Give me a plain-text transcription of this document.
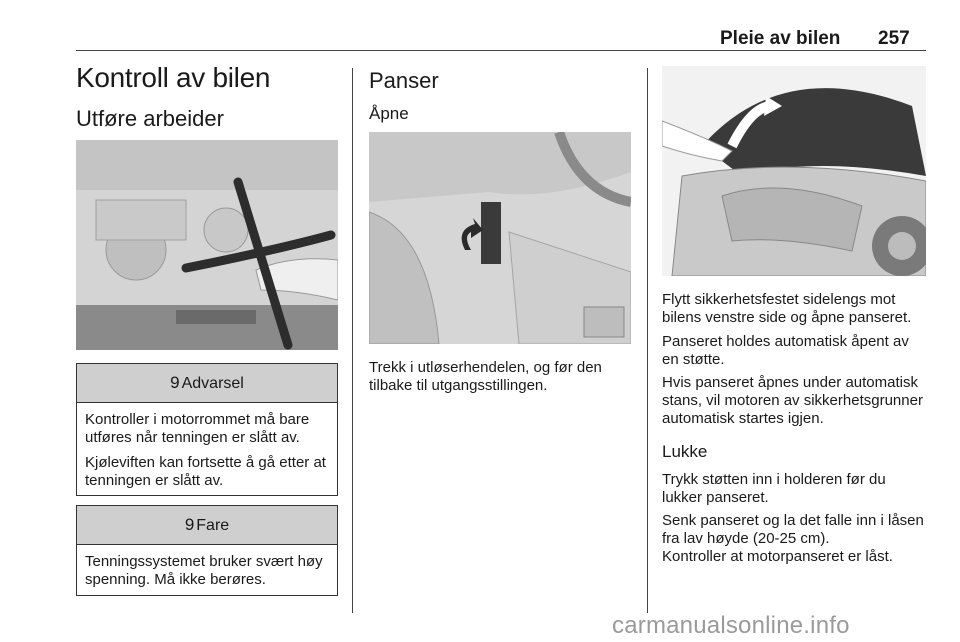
Pleie av bilen 257
Kontroll av bilen
Utføre arbeider
9 Advarsel

Kontroller i motorrommet må bare utføres når tenningen er slått av.

Kjøleviften kan fortsette å gå etter at tenningen er slått av.

9 Fare

Tenningssystemet bruker svært høy spenning. Må ikke berøres.

Panser
Åpne

Trekk i utløserhendelen, og før den tilbake til utgangsstillingen.

Flytt sikkerhetsfestet sidelengs mot bilens venstre side og åpne panseret.

Panseret holdes automatisk åpent av en støtte.

Hvis panseret åpnes under automatisk stans, vil motoren av sikkerhetsgrunner automatisk startes igjen.

Lukke

Trykk støtten inn i holderen før du lukker panseret.

Senk panseret og la det falle inn i låsen fra lav høyde (20-25 cm).

Kontroller at motorpanseret er låst.

carmanualsonline.info
